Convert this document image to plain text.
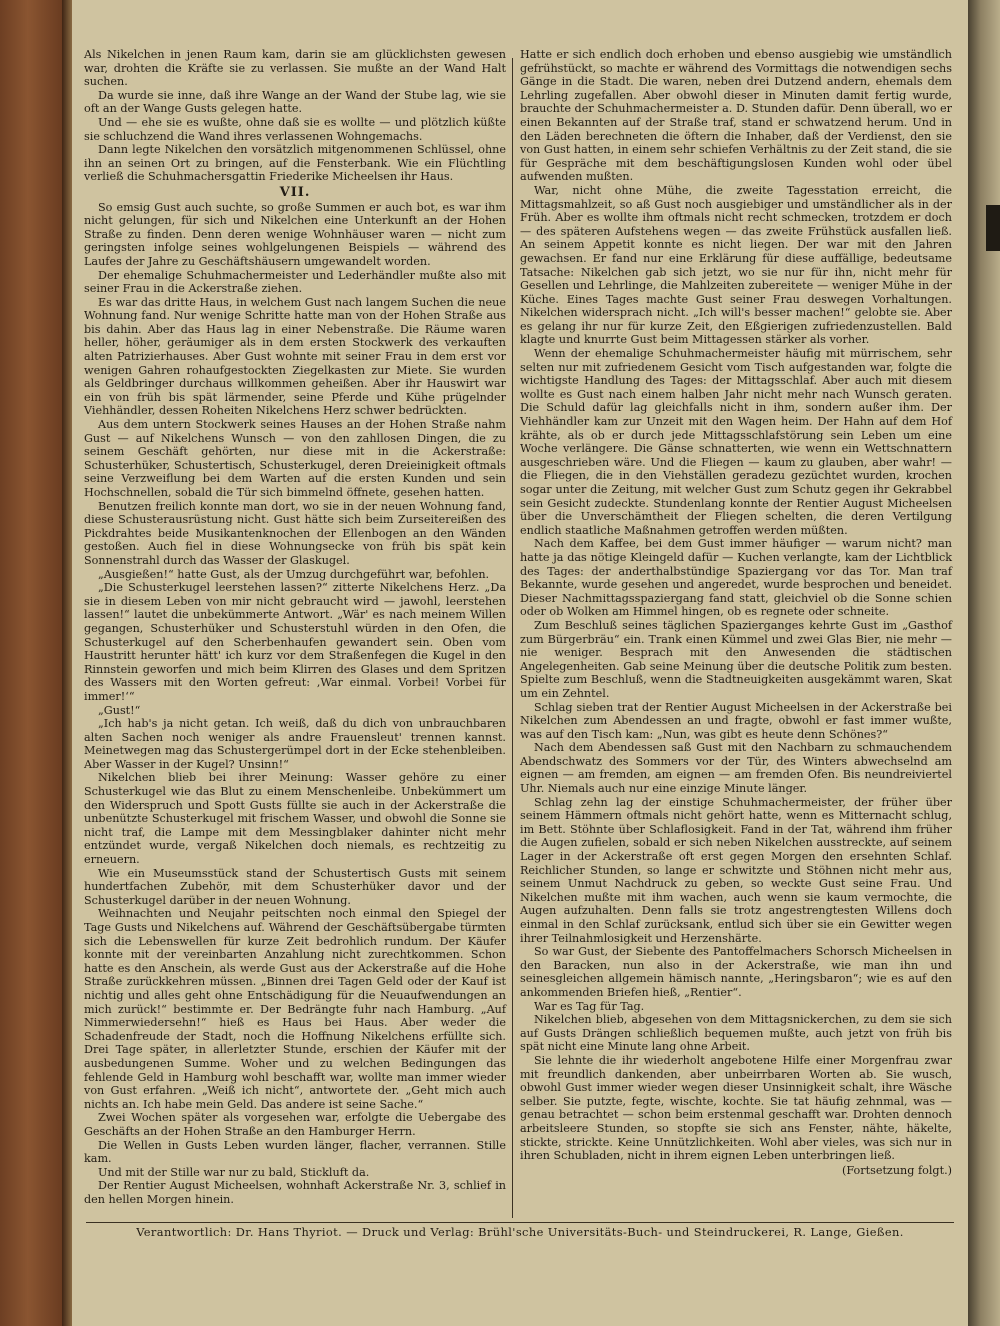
Als Nikelchen in jenen Raum kam, darin sie am glücklichsten gewesen war, drohten die Kräfte sie zu verlassen. Sie mußte an der Wand Halt suchen.

Da wurde sie inne, daß ihre Wange an der Wand der Stube lag, wie sie oft an der Wange Gusts gelegen hatte.

Und — ehe sie es wußte, ohne daß sie es wollte — und plötzlich küßte sie schluchzend die Wand ihres verlassenen Wohngemachs.

Dann legte Nikelchen den vorsätzlich mitgenommenen Schlüssel, ohne ihn an seinen Ort zu bringen, auf die Fensterbank. Wie ein Flüchtling verließ die Schuhmachersgattin Friederike Micheelsen ihr Haus.

VII.

So emsig Gust auch suchte, so große Summen er auch bot, es war ihm nicht gelungen, für sich und Nikelchen eine Unterkunft an der Hohen Straße zu finden. Denn deren wenige Wohnhäuser waren — nicht zum geringsten infolge seines wohlgelungenen Beispiels — während des Laufes der Jahre zu Geschäftshäusern umgewandelt worden.

Der ehemalige Schuhmachermeister und Lederhändler mußte also mit seiner Frau in die Ackerstraße ziehen.

Es war das dritte Haus, in welchem Gust nach langem Suchen die neue Wohnung fand. Nur wenige Schritte hatte man von der Hohen Straße aus bis dahin. Aber das Haus lag in einer Nebenstraße. Die Räume waren heller, höher, geräumiger als in dem ersten Stockwerk des verkauften alten Patrizierhauses. Aber Gust wohnte mit seiner Frau in dem erst vor wenigen Gahren rohaufgestockten Ziegelkasten zur Miete. Sie wurden als Geldbringer durchaus willkommen geheißen. Aber ihr Hauswirt war ein von früh bis spät lärmender, seine Pferde und Kühe prügelnder Viehhändler, dessen Roheiten Nikelchens Herz schwer bedrückten.

Aus dem untern Stockwerk seines Hauses an der Hohen Straße nahm Gust — auf Nikelchens Wunsch — von den zahllosen Dingen, die zu seinem Geschäft gehörten, nur diese mit in die Ackerstraße: Schusterhüker, Schustertisch, Schusterkugel, deren Dreieinigkeit oftmals seine Verzweiflung bei dem Warten auf die ersten Kunden und sein Hochschnellen, sobald die Tür sich bimmelnd öffnete, gesehen hatten.

Benutzen freilich konnte man dort, wo sie in der neuen Wohnung fand, diese Schusterausrüstung nicht. Gust hätte sich beim Zurseitereißen des Pickdrahtes beide Musikantenknochen der Ellenbogen an den Wänden gestoßen. Auch fiel in diese Wohnungsecke von früh bis spät kein Sonnenstrahl durch das Wasser der Glaskugel.

„Ausgießen!“ hatte Gust, als der Umzug durchgeführt war, befohlen.

„Die Schusterkugel leerstehen lassen?“ zitterte Nikelchens Herz. „Da sie in diesem Leben von mir nicht gebraucht wird — jawohl, leerstehen lassen!“ lautet die unbekümmerte Antwort. „Wär' es nach meinem Willen gegangen, Schusterhüker und Schusterstuhl würden in den Ofen, die Schusterkugel auf den Scherbenhaufen gewandert sein. Oben vom Haustritt herunter hätt' ich kurz vor dem Straßenfegen die Kugel in den Rinnstein geworfen und mich beim Klirren des Glases und dem Spritzen des Wassers mit den Worten gefreut: ‚War einmal. Vorbei! Vorbei für immer!‘“

„Gust!“

„Ich hab's ja nicht getan. Ich weiß, daß du dich von unbrauchbaren alten Sachen noch weniger als andre Frauensleut' trennen kannst. Meinetwegen mag das Schustergerümpel dort in der Ecke stehenbleiben. Aber Wasser in der Kugel? Unsinn!“

Nikelchen blieb bei ihrer Meinung: Wasser gehöre zu einer Schusterkugel wie das Blut zu einem Menschenleibe. Unbekümmert um den Widerspruch und Spott Gusts füllte sie auch in der Ackerstraße die unbenützte Schusterkugel mit frischem Wasser, und obwohl die Sonne sie nicht traf, die Lampe mit dem Messingblaker dahinter nicht mehr entzündet wurde, vergaß Nikelchen doch niemals, es rechtzeitig zu erneuern.

Wie ein Museumsstück stand der Schustertisch Gusts mit seinem hundertfachen Zubehör, mit dem Schusterhüker davor und der Schusterkugel darüber in der neuen Wohnung.

Weihnachten und Neujahr peitschten noch einmal den Spiegel der Tage Gusts und Nikelchens auf. Während der Geschäftsübergabe türmten sich die Lebenswellen für kurze Zeit bedrohlich rundum. Der Käufer konnte mit der vereinbarten Anzahlung nicht zurechtkommen. Schon hatte es den Anschein, als werde Gust aus der Ackerstraße auf die Hohe Straße zurückkehren müssen. „Binnen drei Tagen Geld oder der Kauf ist nichtig und alles geht ohne Entschädigung für die Neuaufwendungen an mich zurück!“ bestimmte er. Der Bedrängte fuhr nach Hamburg. „Auf Nimmerwiedersehn!“ hieß es Haus bei Haus. Aber weder die Schadenfreude der Stadt, noch die Hoffnung Nikelchens erfüllte sich. Drei Tage später, in allerletzter Stunde, erschien der Käufer mit der ausbedungenen Summe. Woher und zu welchen Bedingungen das fehlende Geld in Hamburg wohl beschafft war, wollte man immer wieder von Gust erfahren. „Weiß ich nicht“, antwortete der. „Geht mich auch nichts an. Ich habe mein Geld. Das andere ist seine Sache.“

Zwei Wochen später als vorgesehen war, erfolgte die Uebergabe des Geschäfts an der Hohen Straße an den Hamburger Herrn.

Die Wellen in Gusts Leben wurden länger, flacher, verrannen. Stille kam.

Und mit der Stille war nur zu bald, Stickluft da.

Der Rentier August Micheelsen, wohnhaft Ackerstraße Nr. 3, schlief in den hellen Morgen hinein.

Hatte er sich endlich doch erhoben und ebenso ausgiebig wie umständlich gefrühstückt, so machte er während des Vormittags die notwendigen sechs Gänge in die Stadt. Die waren, neben drei Dutzend andern, ehemals dem Lehrling zugefallen. Aber obwohl dieser in Minuten damit fertig wurde, brauchte der Schuhmachermeister a. D. Stunden dafür. Denn überall, wo er einen Bekannten auf der Straße traf, stand er schwatzend herum. Und in den Läden berechneten die öftern die Inhaber, daß der Verdienst, den sie von Gust hatten, in einem sehr schiefen Verhältnis zu der Zeit stand, die sie für Gespräche mit dem beschäftigungslosen Kunden wohl oder übel aufwenden mußten.

War, nicht ohne Mühe, die zweite Tagesstation erreicht, die Mittagsmahlzeit, so aß Gust noch ausgiebiger und umständlicher als in der Früh. Aber es wollte ihm oftmals nicht recht schmecken, trotzdem er doch — des späteren Aufstehens wegen — das zweite Frühstück ausfallen ließ. An seinem Appetit konnte es nicht liegen. Der war mit den Jahren gewachsen. Er fand nur eine Erklärung für diese auffällige, bedeutsame Tatsache: Nikelchen gab sich jetzt, wo sie nur für ihn, nicht mehr für Gesellen und Lehrlinge, die Mahlzeiten zubereitete — weniger Mühe in der Küche. Eines Tages machte Gust seiner Frau deswegen Vorhaltungen. Nikelchen widersprach nicht. „Ich will's besser machen!“ gelobte sie. Aber es gelang ihr nur für kurze Zeit, den Eßgierigen zufriedenzustellen. Bald klagte und knurrte Gust beim Mittagessen stärker als vorher.

Wenn der ehemalige Schuhmachermeister häufig mit mürrischem, sehr selten nur mit zufriedenem Gesicht vom Tisch aufgestanden war, folgte die wichtigste Handlung des Tages: der Mittagsschlaf. Aber auch mit diesem wollte es Gust nach einem halben Jahr nicht mehr nach Wunsch geraten. Die Schuld dafür lag gleichfalls nicht in ihm, sondern außer ihm. Der Viehhändler kam zur Unzeit mit den Wagen heim. Der Hahn auf dem Hof krähte, als ob er durch jede Mittagsschlafstörung sein Leben um eine Woche verlängere. Die Gänse schnatterten, wie wenn ein Wettschnattern ausgeschrieben wäre. Und die Fliegen — kaum zu glauben, aber wahr! — die Fliegen, die in den Viehställen geradezu gezüchtet wurden, krochen sogar unter die Zeitung, mit welcher Gust zum Schutz gegen ihr Gekrabbel sein Gesicht zudeckte. Stundenlang konnte der Rentier August Micheelsen über die Unverschämtheit der Fliegen schelten, die deren Vertilgung endlich staatliche Maßnahmen getroffen werden müßten.

Nach dem Kaffee, bei dem Gust immer häufiger — warum nicht? man hatte ja das nötige Kleingeld dafür — Kuchen verlangte, kam der Lichtblick des Tages: der anderthalbstündige Spaziergang vor das Tor. Man traf Bekannte, wurde gesehen und angeredet, wurde besprochen und beneidet. Dieser Nachmittagsspaziergang fand statt, gleichviel ob die Sonne schien oder ob Wolken am Himmel hingen, ob es regnete oder schneite.

Zum Beschluß seines täglichen Spazierganges kehrte Gust im „Gasthof zum Bürgerbräu“ ein. Trank einen Kümmel und zwei Glas Bier, nie mehr — nie weniger. Besprach mit den Anwesenden die städtischen Angelegenheiten. Gab seine Meinung über die deutsche Politik zum besten. Spielte zum Beschluß, wenn die Stadtneuigkeiten ausgekämmt waren, Skat um ein Zehntel.

Schlag sieben trat der Rentier August Micheelsen in der Ackerstraße bei Nikelchen zum Abendessen an und fragte, obwohl er fast immer wußte, was auf den Tisch kam: „Nun, was gibt es heute denn Schönes?“

Nach dem Abendessen saß Gust mit den Nachbarn zu schmauchendem Abendschwatz des Sommers vor der Tür, des Winters abwechselnd am eignen — am fremden, am eignen — am fremden Ofen. Bis neundreiviertel Uhr. Niemals auch nur eine einzige Minute länger.

Schlag zehn lag der einstige Schuhmachermeister, der früher über seinem Hämmern oftmals nicht gehört hatte, wenn es Mitternacht schlug, im Bett. Stöhnte über Schlaflosigkeit. Fand in der Tat, während ihm früher die Augen zufielen, sobald er sich neben Nikelchen ausstreckte, auf seinem Lager in der Ackerstraße oft erst gegen Morgen den ersehnten Schlaf. Reichlicher Stunden, so lange er schwitzte und Stöhnen nicht mehr aus, seinem Unmut Nachdruck zu geben, so weckte Gust seine Frau. Und Nikelchen mußte mit ihm wachen, auch wenn sie kaum vermochte, die Augen aufzuhalten. Denn falls sie trotz angestrengtesten Willens doch einmal in den Schlaf zurücksank, entlud sich über sie ein Gewitter wegen ihrer Teilnahmlosigkeit und Herzenshärte.

So war Gust, der Siebente des Pantoffelmachers Schorsch Micheelsen in den Baracken, nun also in der Ackerstraße, wie man ihn und seinesgleichen allgemein hämisch nannte, „Heringsbaron“; wie es auf den ankommenden Briefen hieß, „Rentier“.

War es Tag für Tag.

Nikelchen blieb, abgesehen von dem Mittagsnickerchen, zu dem sie sich auf Gusts Drängen schließlich bequemen mußte, auch jetzt von früh bis spät nicht eine Minute lang ohne Arbeit.

Sie lehnte die ihr wiederholt angebotene Hilfe einer Morgenfrau zwar mit freundlich dankenden, aber unbeirrbaren Worten ab. Sie wusch, obwohl Gust immer wieder wegen dieser Unsinnigkeit schalt, ihre Wäsche selber. Sie putzte, fegte, wischte, kochte. Sie tat häufig zehnmal, was — genau betrachtet — schon beim erstenmal geschafft war. Drohten dennoch arbeitsleere Stunden, so stopfte sie sich ans Fenster, nähte, häkelte, stickte, strickte. Keine Unnützlichkeiten. Wohl aber vieles, was sich nur in ihren Schubladen, nicht in ihrem eignen Leben unterbringen ließ.

(Fortsetzung folgt.)
Verantwortlich: Dr. Hans Thyriot. — Druck und Verlag: Brühl'sche Universitäts-Buch- und Steindruckerei, R. Lange, Gießen.
